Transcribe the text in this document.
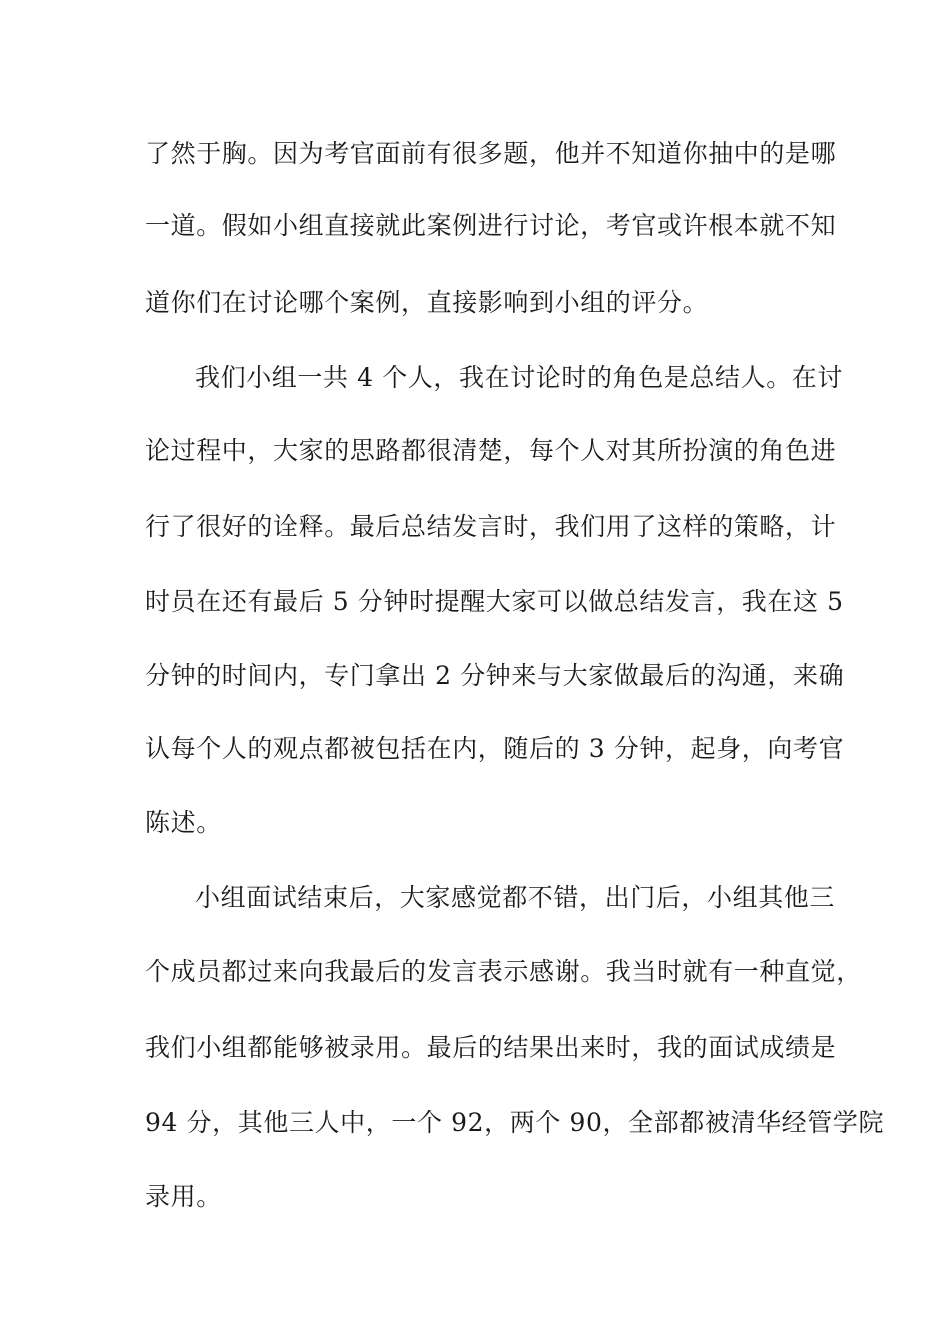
了然于胸。因为考官面前有很多题，他并不知道你抽中的是哪
一道。假如小组直接就此案例进行讨论，考官或许根本就不知
道你们在讨论哪个案例，直接影响到小组的评分。
我们小组一共 4 个人，我在讨论时的角色是总结人。在讨
论过程中，大家的思路都很清楚，每个人对其所扮演的角色进
行了很好的诠释。最后总结发言时，我们用了这样的策略，计
时员在还有最后 5 分钟时提醒大家可以做总结发言，我在这 5
分钟的时间内，专门拿出 2 分钟来与大家做最后的沟通，来确
认每个人的观点都被包括在内，随后的 3 分钟，起身，向考官
陈述。
小组面试结束后，大家感觉都不错，出门后，小组其他三
个成员都过来向我最后的发言表示感谢。我当时就有一种直觉，
我们小组都能够被录用。最后的结果出来时，我的面试成绩是
94 分，其他三人中，一个 92，两个 90，全部都被清华经管学院
录用。
